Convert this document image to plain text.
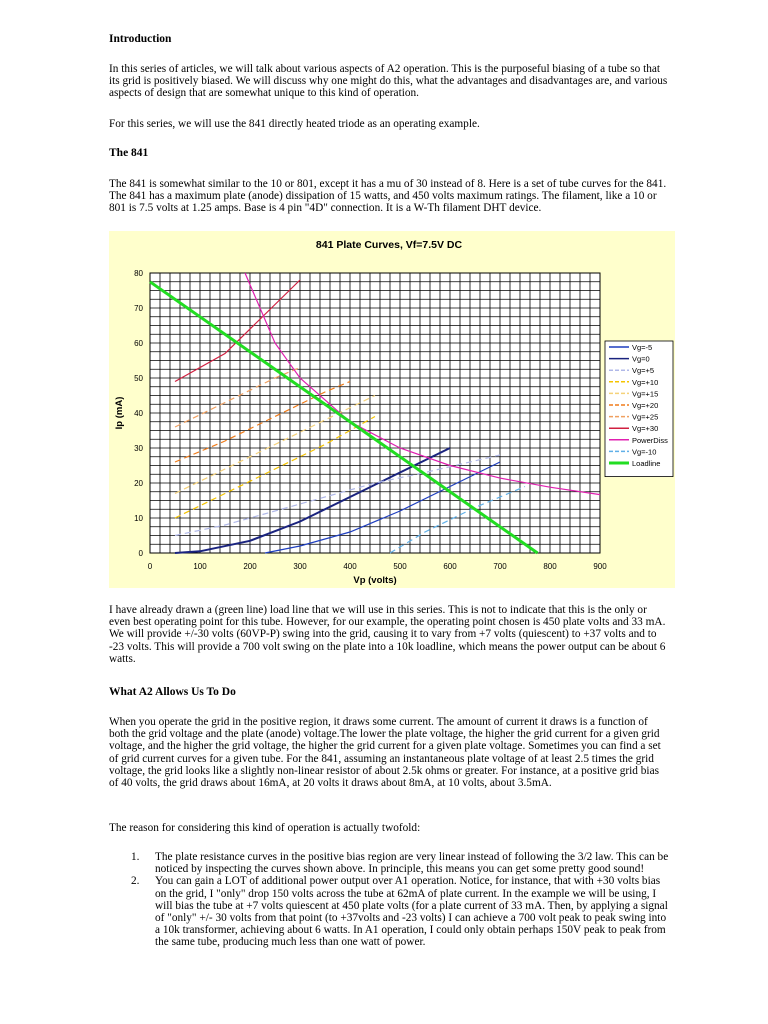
Introduction
In this series of articles, we will talk about various aspects of A2 operation. This is the purposeful biasing of a tube so that its grid is positively biased. We will discuss why one might do this, what the advantages and disadvantages are, and various aspects of design that are somewhat unique to this kind of operation.
For this series, we will use the 841 directly heated triode as an operating example.
The 841
The 841 is somewhat similar to the 10 or 801, except it has a mu of 30 instead of 8. Here is a set of tube curves for the 841. The 841 has a maximum plate (anode) dissipation of 15 watts, and 450 volts maximum ratings. The filament, like a 10 or 801 is 7.5 volts at 1.25 amps. Base is 4 pin "4D" connection. It is a W-Th filament DHT device.
I have already drawn a (green line) load line that we will use in this series. This is not to indicate that this is the only or even best operating point for this tube. However, for our example, the operating point chosen is 450 plate volts and 33 mA. We will provide +/-30 volts (60VP-P) swing into the grid, causing it to vary from +7 volts (quiescent) to +37 volts and to -23 volts. This will provide a 700 volt swing on the plate into a 10k loadline, which means the power output can be about 6 watts.
What A2 Allows Us To Do
When you operate the grid in the positive region, it draws some current. The amount of current it draws is a function of both the grid voltage and the plate (anode) voltage.The lower the plate voltage, the higher the grid current for a given grid voltage, and the higher the grid voltage, the higher the grid current for a given plate voltage. Sometimes you can find a set of grid current curves for a given tube. For the 841, assuming an instantaneous plate voltage of at least 2.5 times the grid voltage, the grid looks like a slightly non-linear resistor of about 2.5k ohms or greater. For instance, at a positive grid bias of 40 volts, the grid draws about 16mA, at 20 volts it draws about 8mA, at 10 volts, about 3.5mA.
The reason for considering this kind of operation is actually twofold:
1. The plate resistance curves in the positive bias region are very linear instead of following the 3/2 law. This can be noticed by inspecting the curves shown above. In principle, this means you can get some pretty good sound!
2. You can gain a LOT of additional power output over A1 operation. Notice, for instance, that with +30 volts bias on the grid, I "only" drop 150 volts across the tube at 62mA of plate current. In the example we will be using, I will bias the tube at +7 volts quiescent at 450 plate volts (for a plate current of 33 mA. Then, by applying a signal of "only" +/- 30 volts from that point (to +37volts and -23 volts) I can achieve a 700 volt peak to peak swing into a 10k transformer, achieving about 6 watts. In A1 operation, I could only obtain perhaps 150V peak to peak from the same tube, producing much less than one watt of power.
841 Plate Curves, Vf=7.5V DC
Vp (volts)
Ip (mA)
0	100	200	300	400	500	600	700	800	900
0
10
20
30
40
50
60
70
80
Vg=-5
Vg=0
Vg=+5
Vg=+10
Vg=+15
Vg=+20
Vg=+25
Vg=+30
PowerDiss
Vg=-10
Loadline
